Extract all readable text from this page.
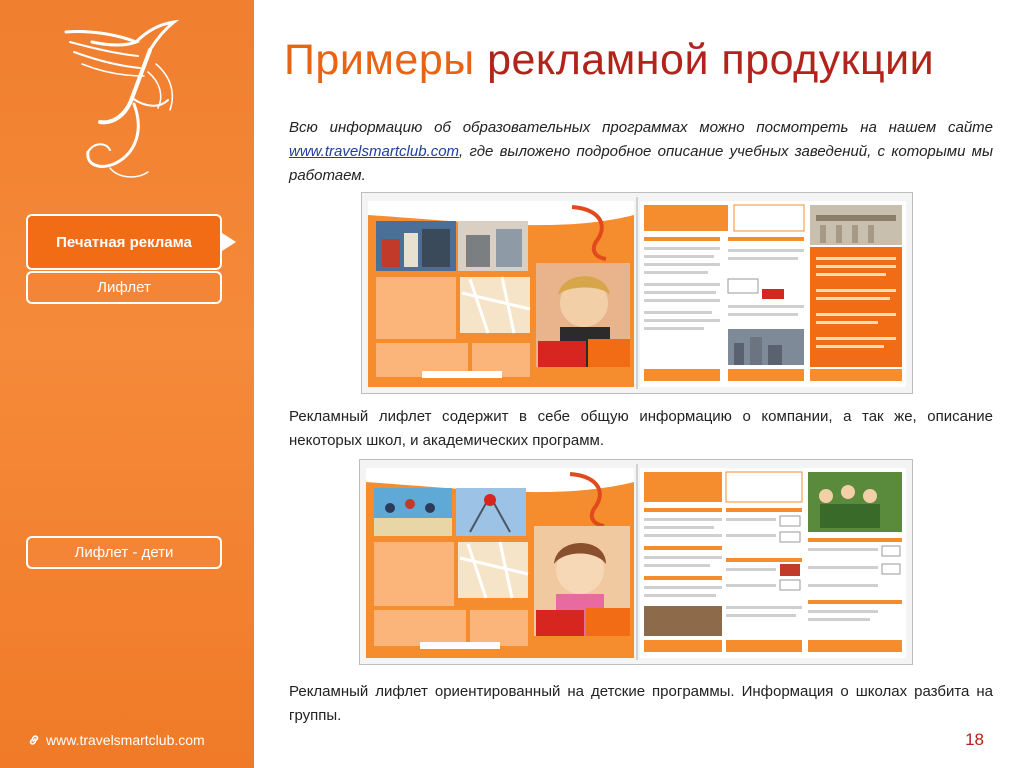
Печатная реклама
Лифлет
Лифлет - дети
www.travelsmartclub.com
Примеры рекламной продукции

Всю информацию об образовательных программах можно посмотреть на нашем сайте www.travelsmartclub.com, где выложено подробное описание учебных заведений, с которыми мы работаем.

Рекламный лифлет содержит в себе общую информацию о компании, а так же, описание некоторых школ, и академических программ.

Рекламный лифлет ориентированный на детские программы. Информация о школах разбита на группы.

18
